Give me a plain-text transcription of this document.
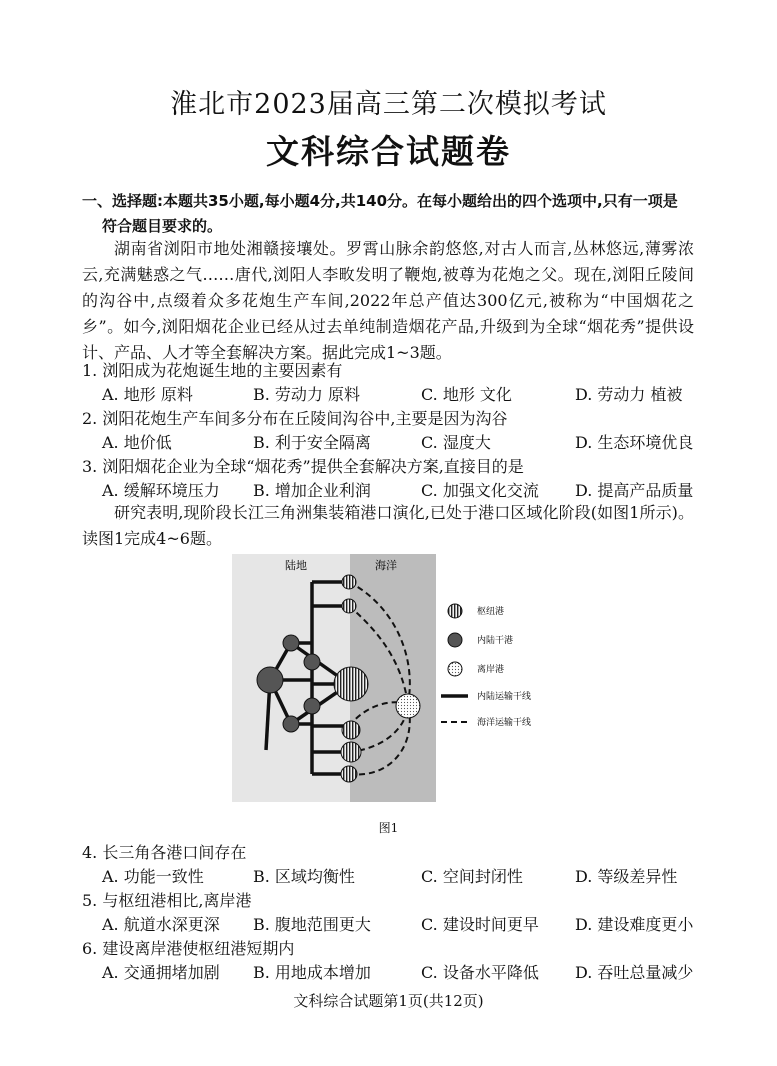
淮北市2023届高三第二次模拟考试
文科综合试题卷
一、选择题:本题共35小题,每小题4分,共140分。在每小题给出的四个选项中,只有一项是
符合题目要求的。
湖南省浏阳市地处湘赣接壤处。罗霄山脉余韵悠悠,对古人而言,丛林悠远,薄雾浓云,充满魅惑之气……唐代,浏阳人李畋发明了鞭炮,被尊为花炮之父。现在,浏阳丘陵间的沟谷中,点缀着众多花炮生产车间,2022年总产值达300亿元,被称为“中国烟花之乡”。如今,浏阳烟花企业已经从过去单纯制造烟花产品,升级到为全球“烟花秀”提供设计、产品、人才等全套解决方案。据此完成1~3题。
1. 浏阳成为花炮诞生地的主要因素有
A. 地形 原料	B. 劳动力 原料	C. 地形 文化	D. 劳动力 植被
2. 浏阳花炮生产车间多分布在丘陵间沟谷中,主要是因为沟谷
A. 地价低	B. 利于安全隔离	C. 湿度大	D. 生态环境优良
3. 浏阳烟花企业为全球“烟花秀”提供全套解决方案,直接目的是
A. 缓解环境压力 B. 增加企业利润	C. 加强文化交流 D. 提高产品质量
研究表明,现阶段长江三角洲集装箱港口演化,已处于港口区域化阶段(如图1所示)。读图1完成4~6题。
陆地	海洋
枢纽港
内陆干港
离岸港
内陆运输干线
海洋运输干线
图1
4. 长三角各港口间存在
A. 功能一致性	B. 区域均衡性	C. 空间封闭性	D. 等级差异性
5. 与枢纽港相比,离岸港
A. 航道水深更深 B. 腹地范围更大	C. 建设时间更早 D. 建设难度更小
6. 建设离岸港使枢纽港短期内
A. 交通拥堵加剧 B. 用地成本增加	C. 设备水平降低 D. 吞吐总量减少
文科综合试题第1页(共12页)
